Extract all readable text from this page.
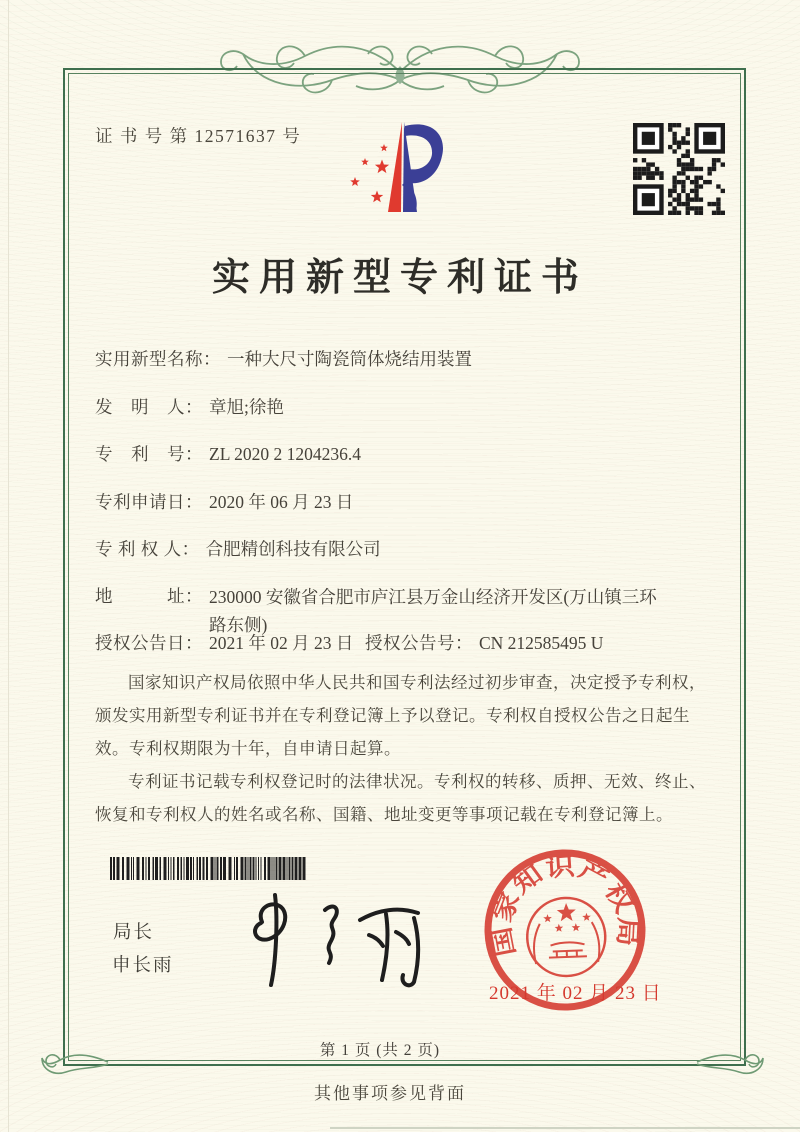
证 书 号 第 12571637 号
实用新型专利证书
实用新型名称： 一种大尺寸陶瓷筒体烧结用装置
发　明　人： 章旭;徐艳
专　利　号： ZL 2020 2 1204236.4
专利申请日： 2020 年 06 月 23 日
专 利 权 人： 合肥精创科技有限公司
地　　　址： 230000 安徽省合肥市庐江县万金山经济开发区(万山镇三环路东侧)
授权公告日： 2021 年 02 月 23 日 授权公告号： CN 212585495 U

国家知识产权局依照中华人民共和国专利法经过初步审查，决定授予专利权，颁发实用新型专利证书并在专利登记簿上予以登记。专利权自授权公告之日起生效。专利权期限为十年，自申请日起算。

专利证书记载专利权登记时的法律状况。专利权的转移、质押、无效、终止、恢复和专利权人的姓名或名称、国籍、地址变更等事项记载在专利登记簿上。

局长
申长雨
国家知识产权局
2021 年 02 月 23 日
第 1 页 (共 2 页)
其他事项参见背面
